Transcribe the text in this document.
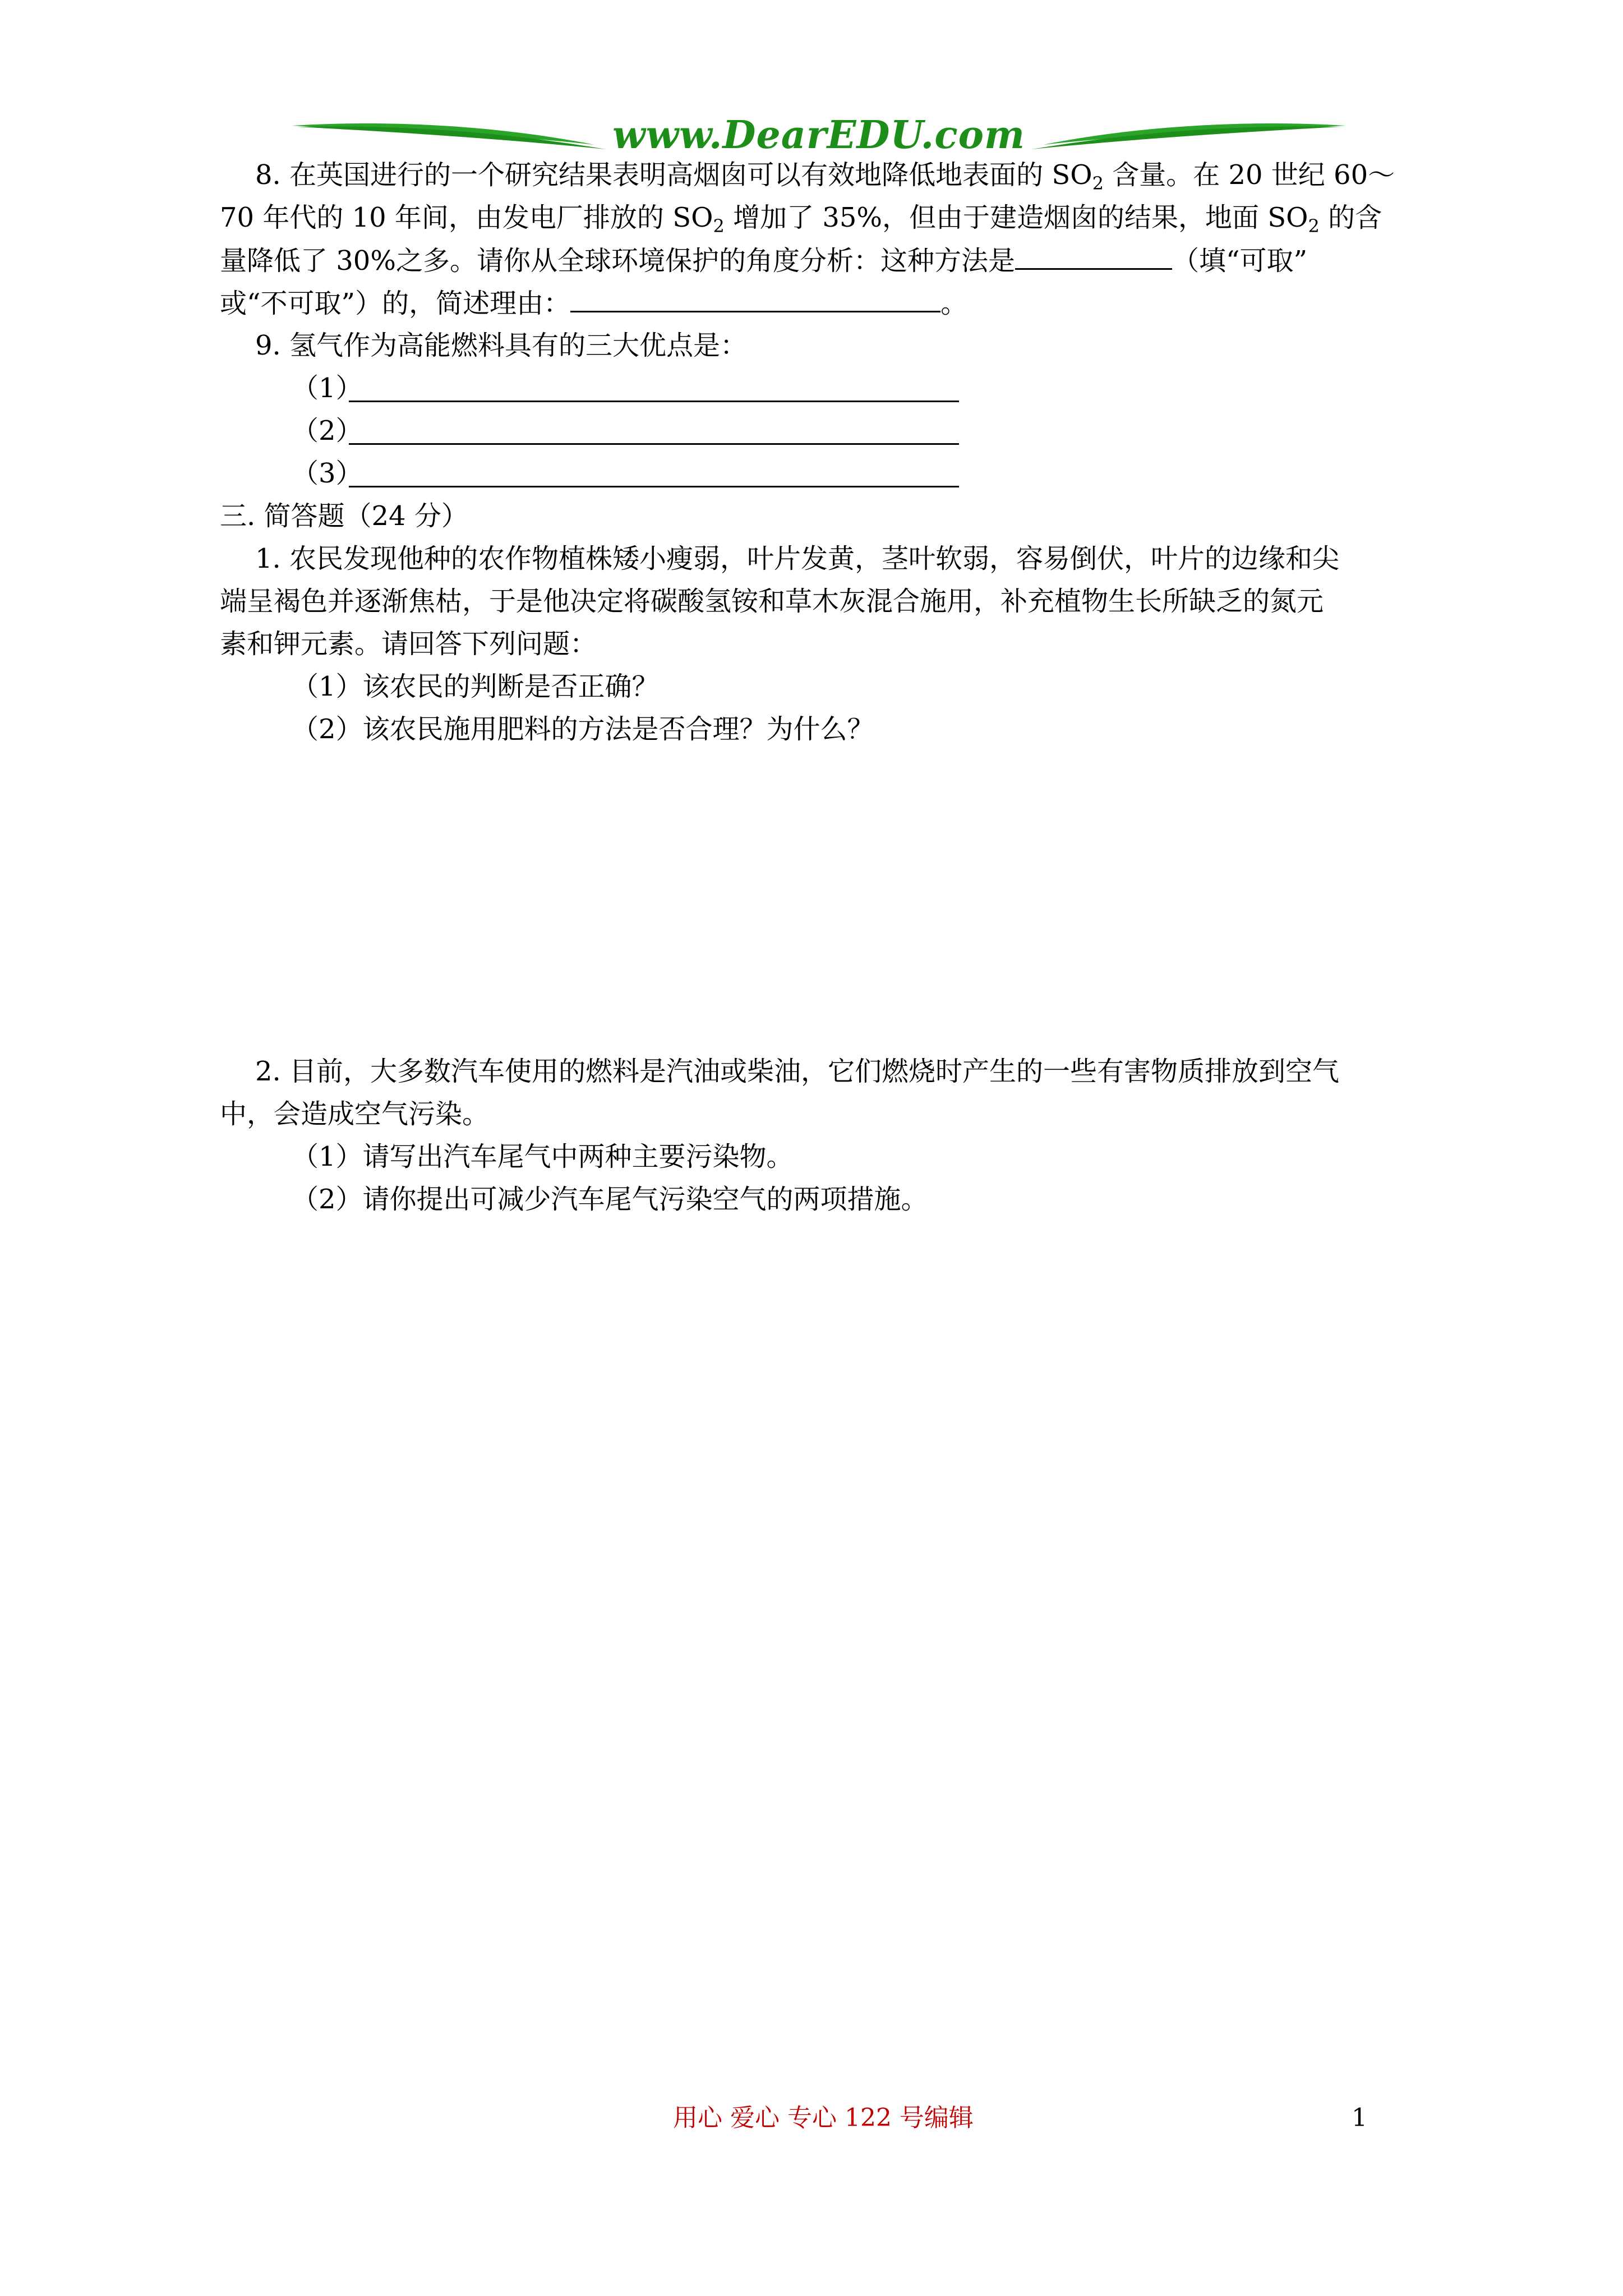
www.DearEDU.com
8. 在英国进行的一个研究结果表明 高烟囱可以有效地降低地表面的 $SO_2$ 含量。在 20 世纪 60～
70 年代的 10 年间，由发电厂排放的 $SO_2$ 增加了 35%，但由于建造烟囱的结果，地面 $SO_2$ 的含
量降低了 30%之多。请你从全球环境保护的角度分析：这种方法是	（填“可取”
或“不可取”）的，简述理由：	。
9. 氢气作为高能燃料具有的三大优点是：
（1）
（2）
（3）
三. 简答题（24 分）
1. 农民发现他种的农作物植株矮小瘦弱，叶片发黄，茎叶软弱，容易倒伏，叶片的边缘和尖
端呈褐色并逐渐焦枯，于是他决定将碳酸氢铵和草木灰混合施用，补充植物生长所缺乏的氮元
素和钾元素。请回答下列问题：
（1）该农民的判断是否正确？
（2）该农民施用肥料的方法是否合理？为什么？
2. 目前，大多数汽车使用的燃料是汽油或柴油，它们燃烧时产生的一些有害物质排放到空气
中，会造成空气污染。
（1）请写出汽车尾气中两种主要污染物。
（2）请你提出可减少汽车尾气污染空气的两项措施。
用心 爱心 专心 122 号编辑	1
